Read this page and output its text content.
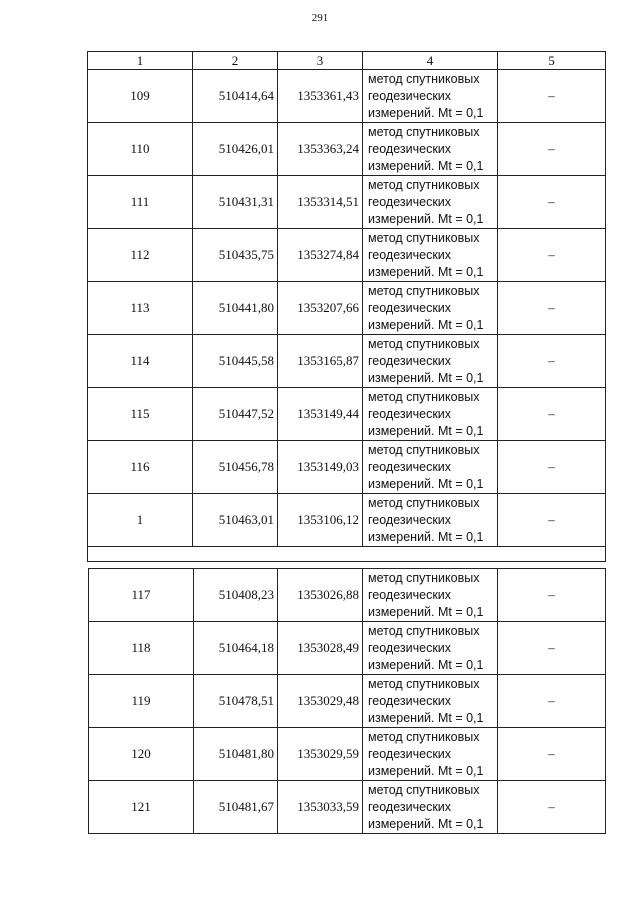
291
1	2	3	4	5
109	510414,64	1353361,43	метод спутниковых
геодезических
измерений. Mt = 0,1	–
110	510426,01	1353363,24	метод спутниковых
геодезических
измерений. Mt = 0,1	–
111	510431,31	1353314,51	метод спутниковых
геодезических
измерений. Mt = 0,1	–
112	510435,75	1353274,84	метод спутниковых
геодезических
измерений. Mt = 0,1	–
113	510441,80	1353207,66	метод спутниковых
геодезических
измерений. Mt = 0,1	–
114	510445,58	1353165,87	метод спутниковых
геодезических
измерений. Mt = 0,1	–
115	510447,52	1353149,44	метод спутниковых
геодезических
измерений. Mt = 0,1	–
116	510456,78	1353149,03	метод спутниковых
геодезических
измерений. Mt = 0,1	–
1	510463,01	1353106,12	метод спутниковых
геодезических
измерений. Mt = 0,1	–

117	510408,23	1353026,88	метод спутниковых
геодезических
измерений. Mt = 0,1	–
118	510464,18	1353028,49	метод спутниковых
геодезических
измерений. Mt = 0,1	–
119	510478,51	1353029,48	метод спутниковых
геодезических
измерений. Mt = 0,1	–
120	510481,80	1353029,59	метод спутниковых
геодезических
измерений. Mt = 0,1	–
121	510481,67	1353033,59	метод спутниковых
геодезических
измерений. Mt = 0,1	–
